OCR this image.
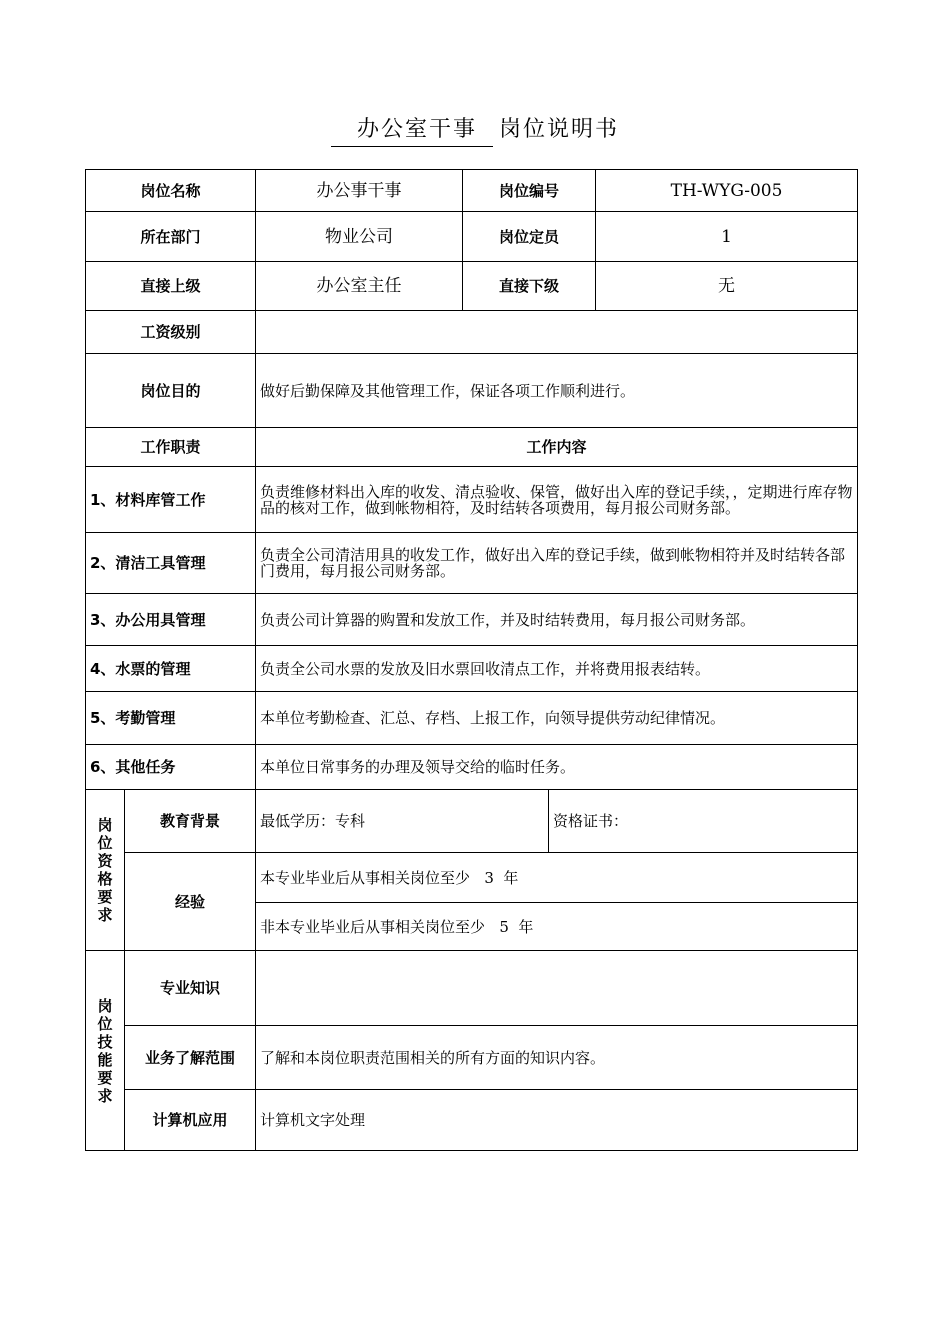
办公室干事 岗位说明书
岗位名称		办公事干事	岗位编号		TH-WYG-005
所在部门		物业公司	岗位定员		1
直接上级		办公室主任	直接下级		无
工资级别					
岗位目的		做好后勤保障及其他管理工作，保证各项工作顺利进行。			
工作职责		工作内容			
1、材料库管工作		负责维修材料出入库的收发、清点验收、保管，做好出入库的登记手续，，定期进行库存物品的核对工作，做到帐物相符，及时结转各项费用，每月报公司财务部。			
2、清洁工具管理		负责全公司清洁用具的收发工作，做好出入库的登记手续，做到帐物相符并及时结转各部门费用，每月报公司财务部。			
3、办公用具管理		负责公司计算器的购置和发放工作，并及时结转费用，每月报公司财务部。			
4、水票的管理		负责全公司水票的发放及旧水票回收清点工作，并将费用报表结转。			
5、考勤管理		本单位考勤检查、汇总、存档、上报工作，向领导提供劳动纪律情况。			
6、其他任务		本单位日常事务的办理及领导交给的临时任务。			

岗位资格要求	教育背景	最低学历：专科		资格证书：	
	经验	本专业毕业后从事相关岗位至少   3  年			
		非本专业毕业后从事相关岗位至少   5  年			

岗位技能要求	专业知识				
	业务了解范围	了解和本岗位职责范围相关的所有方面的知识内容。			
	计算机应用	计算机文字处理			
